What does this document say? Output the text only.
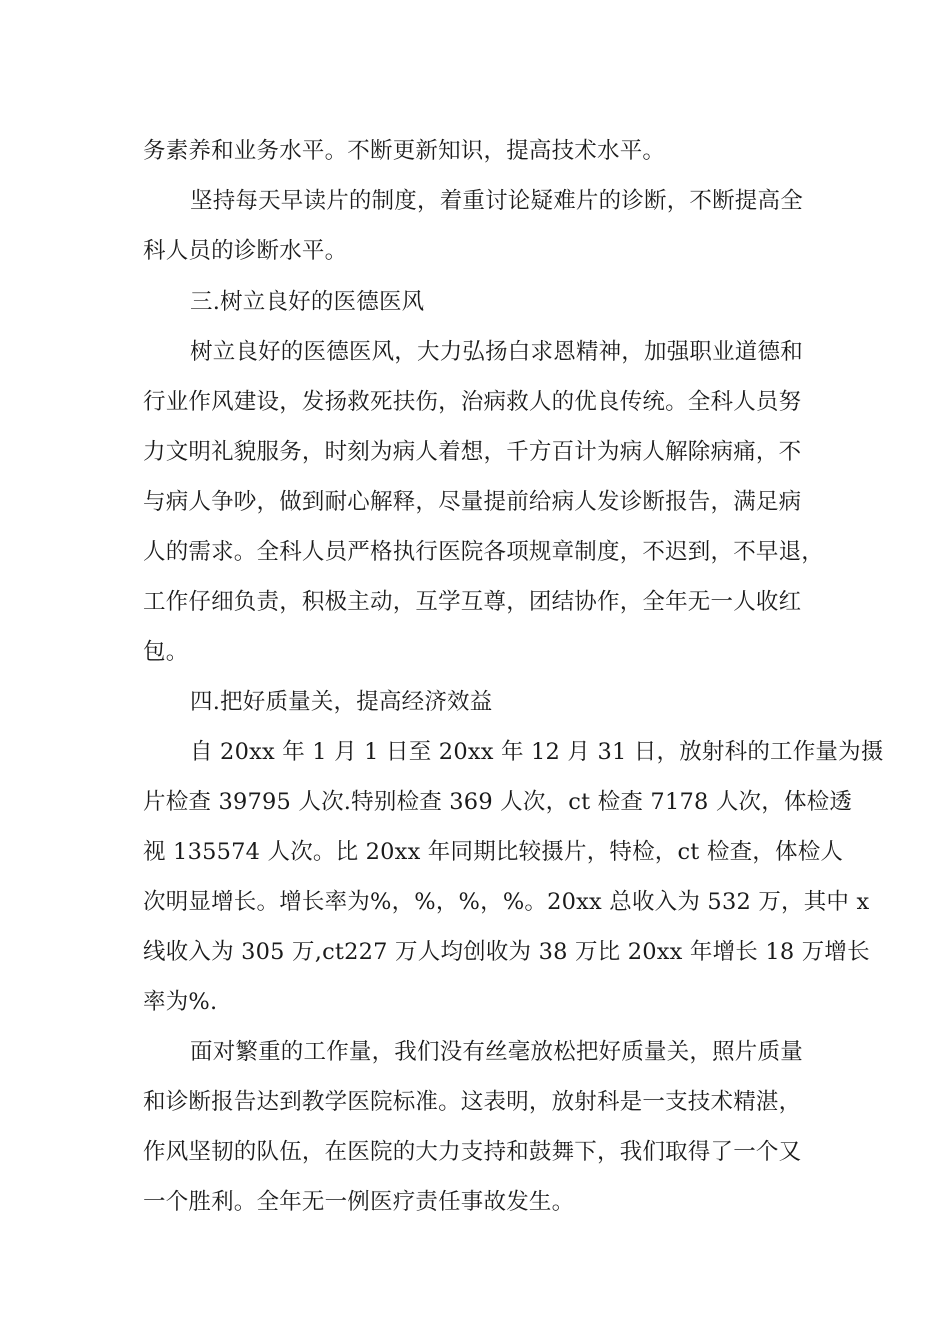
务素养和业务水平。不断更新知识，提高技术水平。
坚持每天早读片的制度，着重讨论疑难片的诊断，不断提高全
科人员的诊断水平。
三.树立良好的医德医风
树立良好的医德医风，大力弘扬白求恩精神，加强职业道德和
行业作风建设，发扬救死扶伤，治病救人的优良传统。全科人员努
力文明礼貌服务，时刻为病人着想，千方百计为病人解除病痛，不
与病人争吵，做到耐心解释，尽量提前给病人发诊断报告，满足病
人的需求。全科人员严格执行医院各项规章制度，不迟到，不早退，
工作仔细负责，积极主动，互学互尊，团结协作，全年无一人收红
包。
四.把好质量关，提高经济效益
自 20xx 年 1 月 1 日至 20xx 年 12 月 31 日，放射科的工作量为摄
片检查 39795 人次.特别检查 369 人次，ct 检查 7178 人次，体检透
视 135574 人次。比 20xx 年同期比较摄片，特检，ct 检查，体检人
次明显增长。增长率为%，%，%，%。20xx 总收入为 532 万，其中 x
线收入为 305 万,ct227 万人均创收为 38 万比 20xx 年增长 18 万增长
率为%.
面对繁重的工作量，我们没有丝毫放松把好质量关，照片质量
和诊断报告达到教学医院标准。这表明，放射科是一支技术精湛，
作风坚韧的队伍，在医院的大力支持和鼓舞下，我们取得了一个又
一个胜利。全年无一例医疗责任事故发生。
